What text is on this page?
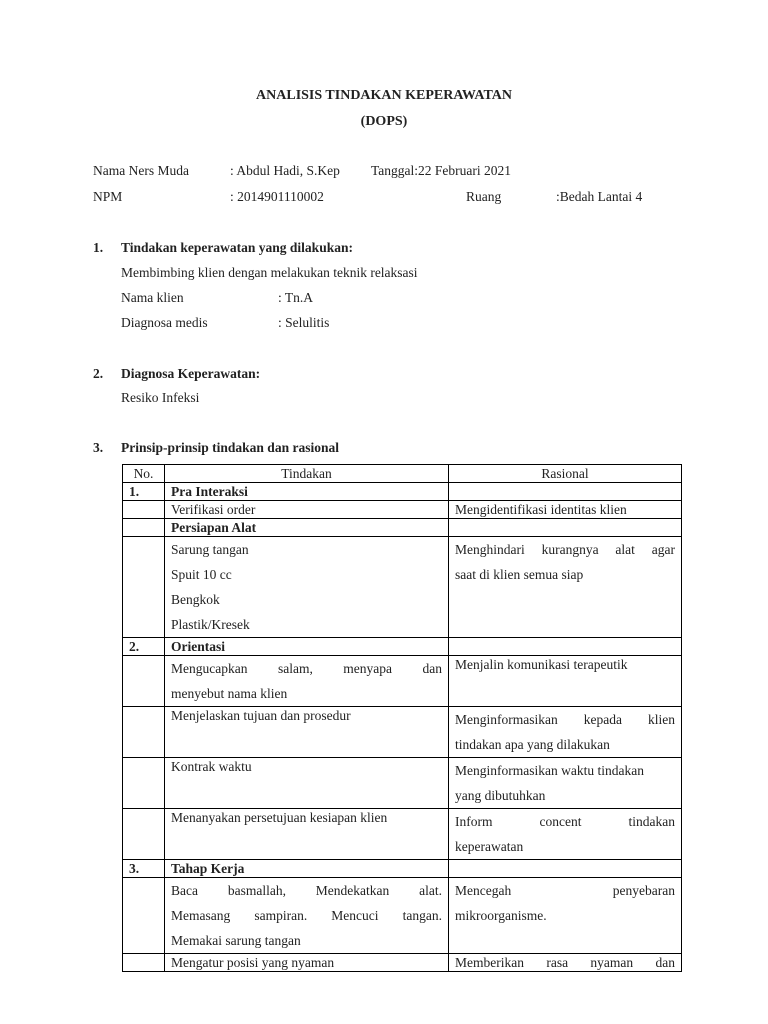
ANALISIS TINDAKAN KEPERAWATAN
(DOPS)
Nama Ners Muda	: Abdul Hadi, S.Kep Tanggal:22 Februari 2021
NPM	: 2014901110002	Ruang	:Bedah Lantai 4
1. Tindakan keperawatan yang dilakukan:
Membimbing klien dengan melakukan teknik relaksasi
Nama klien	: Tn.A
Diagnosa medis	: Selulitis
2. Diagnosa Keperawatan:
Resiko Infeksi
3. Prinsip-prinsip tindakan dan rasional
No.	Tindakan	Rasional
1.	Pra Interaksi	
	Verifikasi order	Mengidentifikasi identitas klien
	Persiapan Alat	

	Sarung tangan
Spuit 10 cc
Bengkok
Plastik/Kresek	Menghindari kurangnya alat agar
saat di klien semua siap

2.	Orientasi	

	Mengucapkan salam, menyapa dan
menyebut nama klien	Menjalin komunikasi terapeutik
	Menjelaskan tujuan dan prosedur	Menginformasikan kepada klien
tindakan apa yang dilakukan

	Kontrak waktu	Menginformasikan waktu tindakan
yang dibutuhkan

	Menanyakan persetujuan kesiapan klien	Inform concent tindakan
keperawatan

3.	Tahap Kerja	

	Baca basmallah, Mendekatkan alat.
Memasang sampiran. Mencuci tangan.
Memakai sarung tangan	Mencegah penyebaran
mikroorganisme.

	Mengatur posisi yang nyaman	Memberikan rasa nyaman dan
